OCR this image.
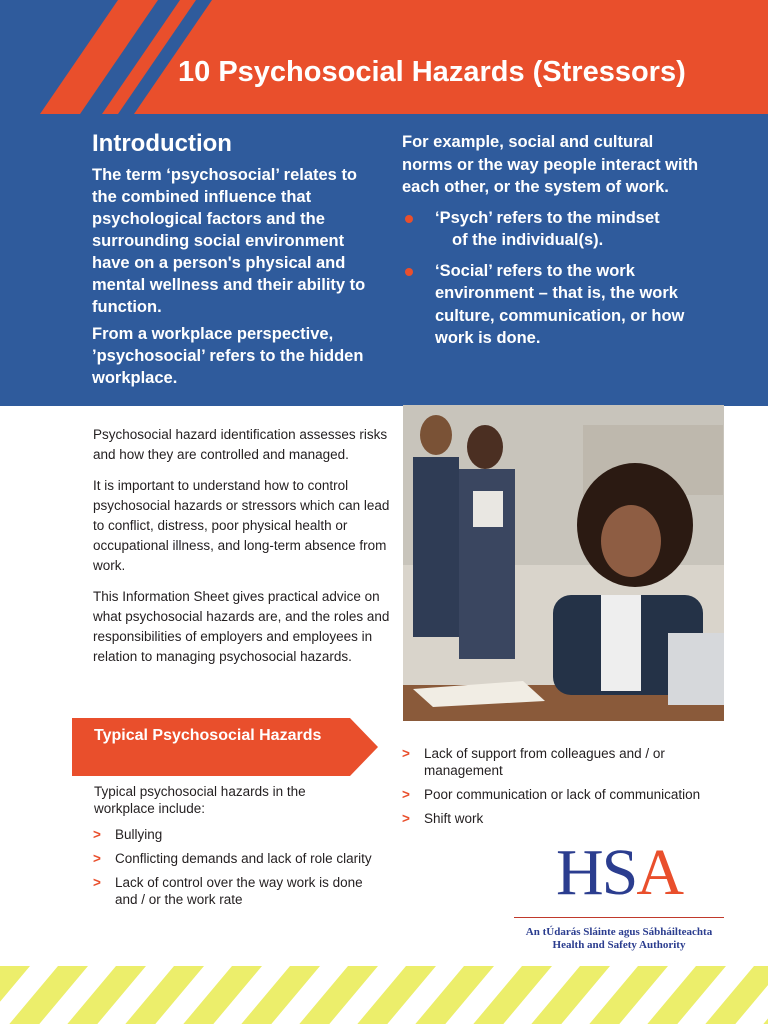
10 Psychosocial Hazards (Stressors)
Introduction

The term ‘psychosocial’ relates to the combined influence that psychological factors and the surrounding social environment have on a person's physical and mental wellness and their ability to function.

From a workplace perspective, ’psychosocial’ refers to the hidden workplace.

For example, social and cultural norms or the way people interact with each other, or the system of work.

‘Psych’ refers to the mindset
of the individual(s).
‘Social’ refers to the work environment – that is, the work culture, communication, or how work is done.

Psychosocial hazard identification assesses risks and how they are controlled and managed.

It is important to understand how to control psychosocial hazards or stressors which can lead to conflict, distress, poor physical health or occupational illness, and long-term absence from work.

This Information Sheet gives practical advice on what psychosocial hazards are, and the roles and responsibilities of employers and employees in relation to managing psychosocial hazards.

Typical Psychosocial Hazards

Typical psychosocial hazards in the workplace include:

> Bullying
> Conflicting demands and lack of role clarity
> Lack of control over the way work is done and / or the work rate
> Lack of support from colleagues and / or management
> Poor communication or lack of communication
> Shift work
HSA

An tÚdarás Sláinte agus Sábháilteachta

Health and Safety Authority
